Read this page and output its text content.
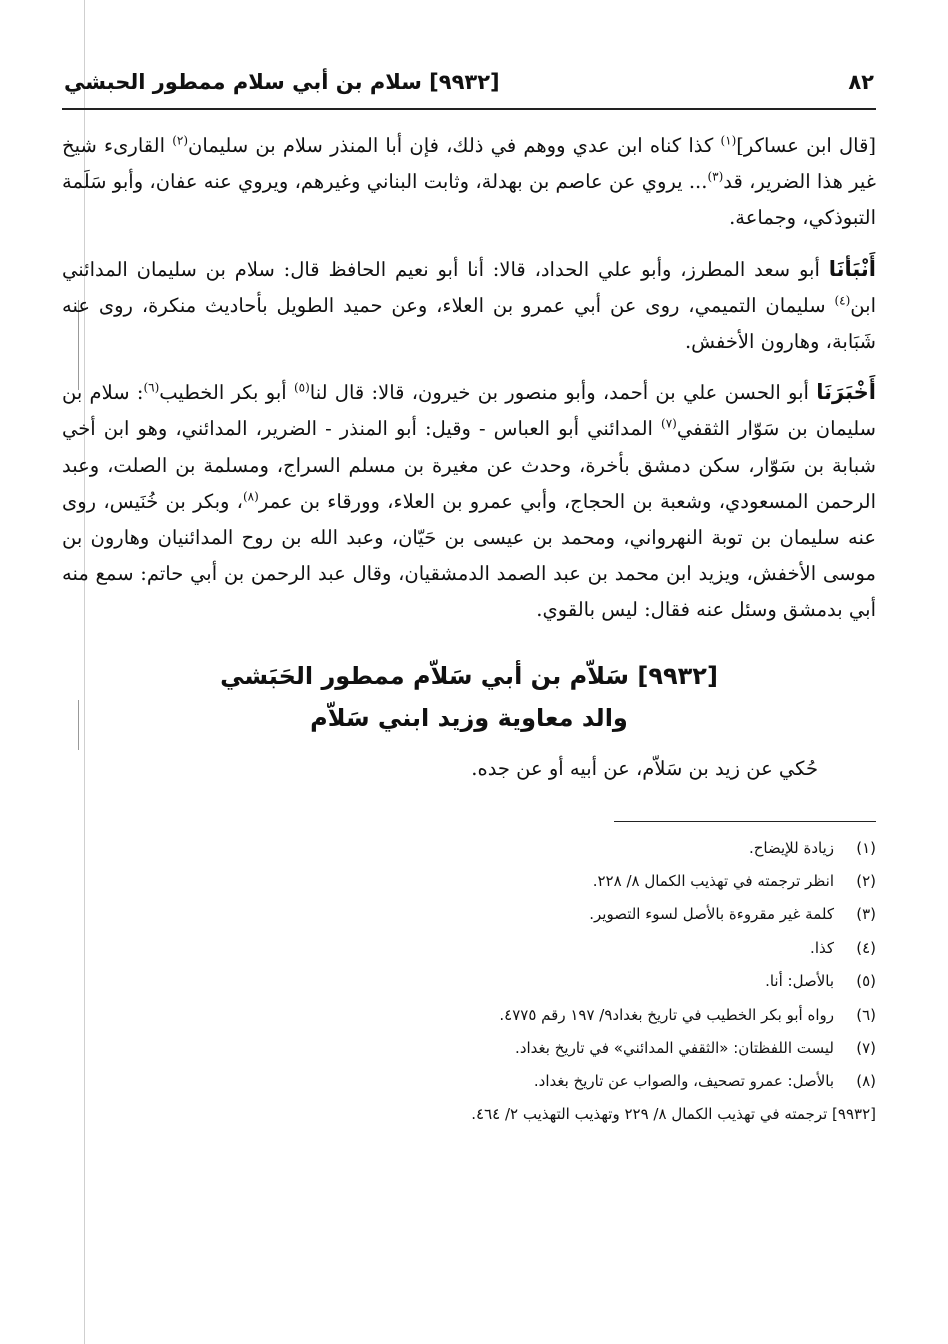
٨٢
[٩٩٣٢] سلام بن أبي سلام ممطور الحبشي

[قال ابن عساكر]$^{(١)}$ كذا كناه ابن عدي ووهم في ذلك، فإن أبا المنذر سلام بن سليمان$^{(٢)}$ القارىء شيخ غير هذا الضرير، قد$^{(٣)}$... يروي عن عاصم بن بهدلة، وثابت البناني وغيرهم، ويروي عنه عفان، وأبو سَلَمة التبوذكي، وجماعة.

أَنْبَأنَا أبو سعد المطرز، وأبو علي الحداد، قالا: أنا أبو نعيم الحافظ قال: سلام بن سليمان المدائني ابن$^{(٤)}$ سليمان التميمي، روى عن أبي عمرو بن العلاء، وعن حميد الطويل بأحاديث منكرة، روى عنه شَبَابة، وهارون الأخفش.

أَخْبَرَنَا أبو الحسن علي بن أحمد، وأبو منصور بن خيرون، قالا: قال لنا$^{(٥)}$ أبو بكر الخطيب$^{(٦)}$: سلام بن سليمان بن سَوّار الثقفي$^{(٧)}$ المدائني أبو العباس - وقيل: أبو المنذر - الضرير، المدائني، وهو ابن أخي شبابة بن سَوّار، سكن دمشق بأخرة، وحدث عن مغيرة بن مسلم السراج، ومسلمة بن الصلت، وعبد الرحمن المسعودي، وشعبة بن الحجاج، وأبي عمرو بن العلاء، وورقاء بن عمر$^{(٨)}$، وبكر بن خُنَيس، روى عنه سليمان بن توبة النهرواني، ومحمد بن عيسى بن حَيّان، وعبد الله بن روح المدائنيان وهارون بن موسى الأخفش، ويزيد ابن محمد بن عبد الصمد الدمشقيان، وقال عبد الرحمن بن أبي حاتم: سمع منه أبي بدمشق وسئل عنه فقال: ليس بالقوي.

[٩٩٣٢] سَلاّم بن أبي سَلاّم ممطور الحَبَشي
والد معاوية وزيد ابني سَلاّم
حُكي عن زيد بن سَلاّم، عن أبيه أو عن جده.
(١)
زيادة للإيضاح.
(٢)
انظر ترجمته في تهذيب الكمال ٨/ ٢٢٨.
(٣)
كلمة غير مقروءة بالأصل لسوء التصوير.
(٤)
كذا.
(٥)
بالأصل: أنا.
(٦)
رواه أبو بكر الخطيب في تاريخ بغداد٩/ ١٩٧ رقم ٤٧٧٥.
(٧)
ليست اللفظتان: «الثقفي المدائني» في تاريخ بغداد.
(٨)
بالأصل: عمرو تصحيف، والصواب عن تاريخ بغداد.
[٩٩٣٢] ترجمته في تهذيب الكمال ٨/ ٢٢٩ وتهذيب التهذيب ٢/ ٤٦٤.
